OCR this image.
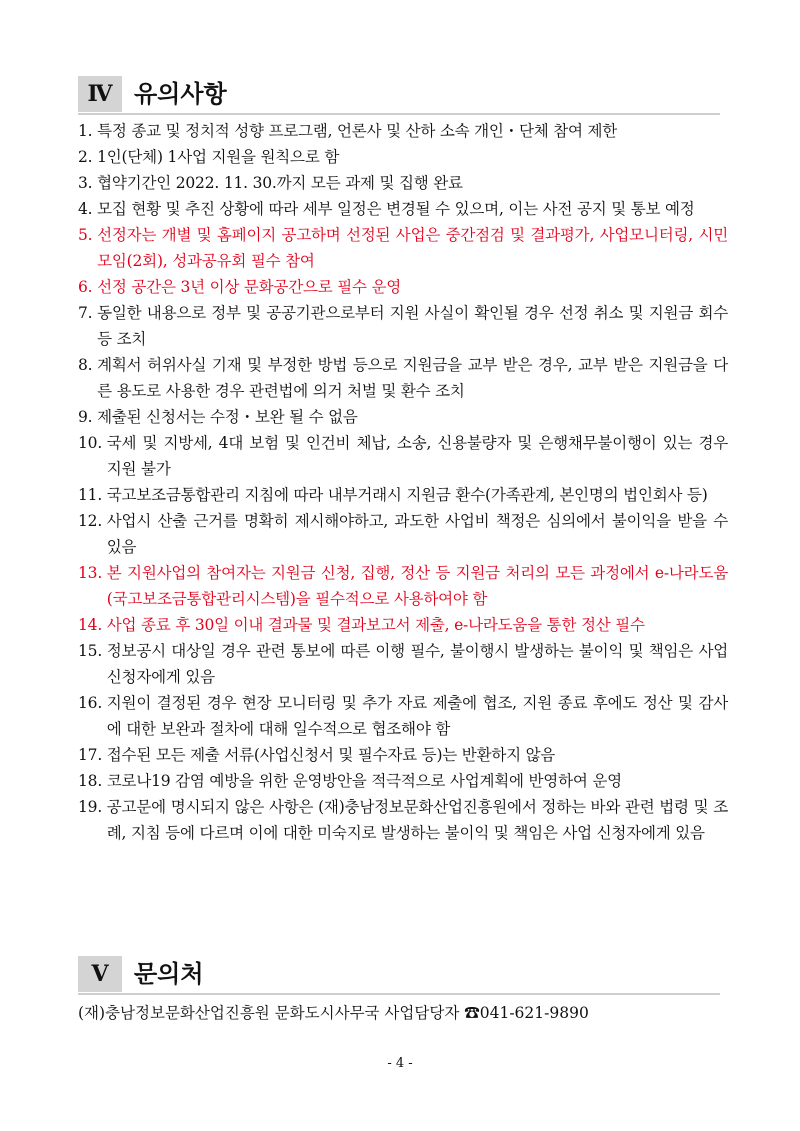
Ⅳ 유의사항
1. 특정 종교 및 정치적 성향 프로그램, 언론사 및 산하 소속 개인・단체 참여 제한
2. 1인(단체) 1사업 지원을 원칙으로 함
3. 협약기간인 2022. 11. 30.까지 모든 과제 및 집행 완료
4. 모집 현황 및 추진 상황에 따라 세부 일정은 변경될 수 있으며, 이는 사전 공지 및 통보 예정
5. 선정자는 개별 및 홈페이지 공고하며 선정된 사업은 중간점검 및 결과평가, 사업모니터링, 시민모임(2회), 성과공유회 필수 참여
6. 선정 공간은 3년 이상 문화공간으로 필수 운영
7. 동일한 내용으로 정부 및 공공기관으로부터 지원 사실이 확인될 경우 선정 취소 및 지원금 회수 등 조치
8. 계획서 허위사실 기재 및 부정한 방법 등으로 지원금을 교부 받은 경우, 교부 받은 지원금을 다른 용도로 사용한 경우 관련법에 의거 처벌 및 환수 조치
9. 제출된 신청서는 수정・보완 될 수 없음
10. 국세 및 지방세, 4대 보험 및 인건비 체납, 소송, 신용불량자 및 은행채무불이행이 있는 경우 지원 불가
11. 국고보조금통합관리 지침에 따라 내부거래시 지원금 환수(가족관계, 본인명의 법인회사 등)
12. 사업시 산출 근거를 명확히 제시해야하고, 과도한 사업비 책정은 심의에서 불이익을 받을 수 있음
13. 본 지원사업의 참여자는 지원금 신청, 집행, 정산 등 지원금 처리의 모든 과정에서 e-나라도움(국고보조금통합관리시스템)을 필수적으로 사용하여야 함
14. 사업 종료 후 30일 이내 결과물 및 결과보고서 제출, e-나라도움을 통한 정산 필수
15. 정보공시 대상일 경우 관련 통보에 따른 이행 필수, 불이행시 발생하는 불이익 및 책임은 사업 신청자에게 있음
16. 지원이 결정된 경우 현장 모니터링 및 추가 자료 제출에 협조, 지원 종료 후에도 정산 및 감사에 대한 보완과 절차에 대해 일수적으로 협조해야 함
17. 접수된 모든 제출 서류(사업신청서 및 필수자료 등)는 반환하지 않음
18. 코로나19 감염 예방을 위한 운영방안을 적극적으로 사업계획에 반영하여 운영
19. 공고문에 명시되지 않은 사항은 (재)충남정보문화산업진흥원에서 정하는 바와 관련 법령 및 조례, 지침 등에 다르며 이에 대한 미숙지로 발생하는 불이익 및 책임은 사업 신청자에게 있음
Ⅴ	문의처
(재)충남정보문화산업진흥원 문화도시사무국 사업담당자 ☎041-621-9890
- 4 -
